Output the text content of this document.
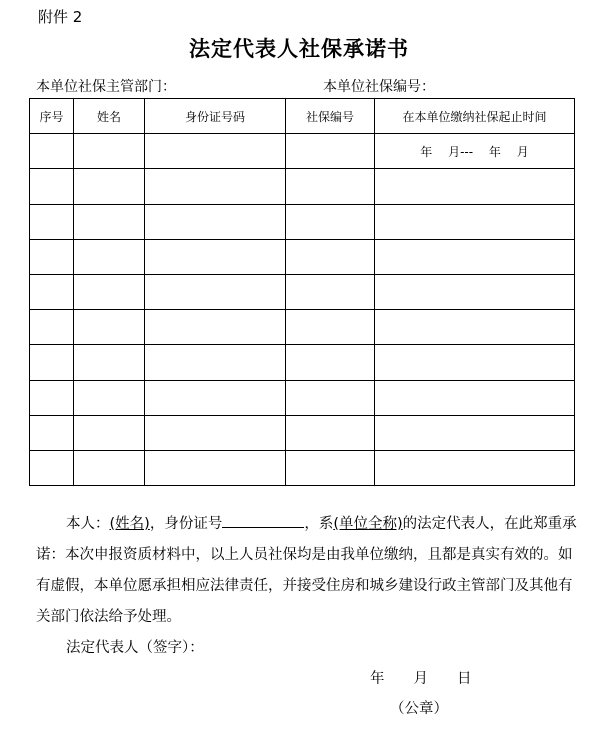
附件 2
法定代表人社保承诺书
本单位社保主管部门：	本单位社保编号：
序号	姓名	身份证号码	社保编号	在本单位缴纳社保起止时间
				年　 月---　 年 　月

本人：(姓名)，身份证号	，系(单位全称)的法定代表人，在此郑重承诺：本次申报资质材料中，以上人员社保均是由我单位缴纳，且都是真实有效的。如有虚假，本单位愿承担相应法律责任，并接受住房和城乡建设行政主管部门及其他有关部门依法给予处理。
法定代表人（签字）：
年　　月　　日
（公章）
